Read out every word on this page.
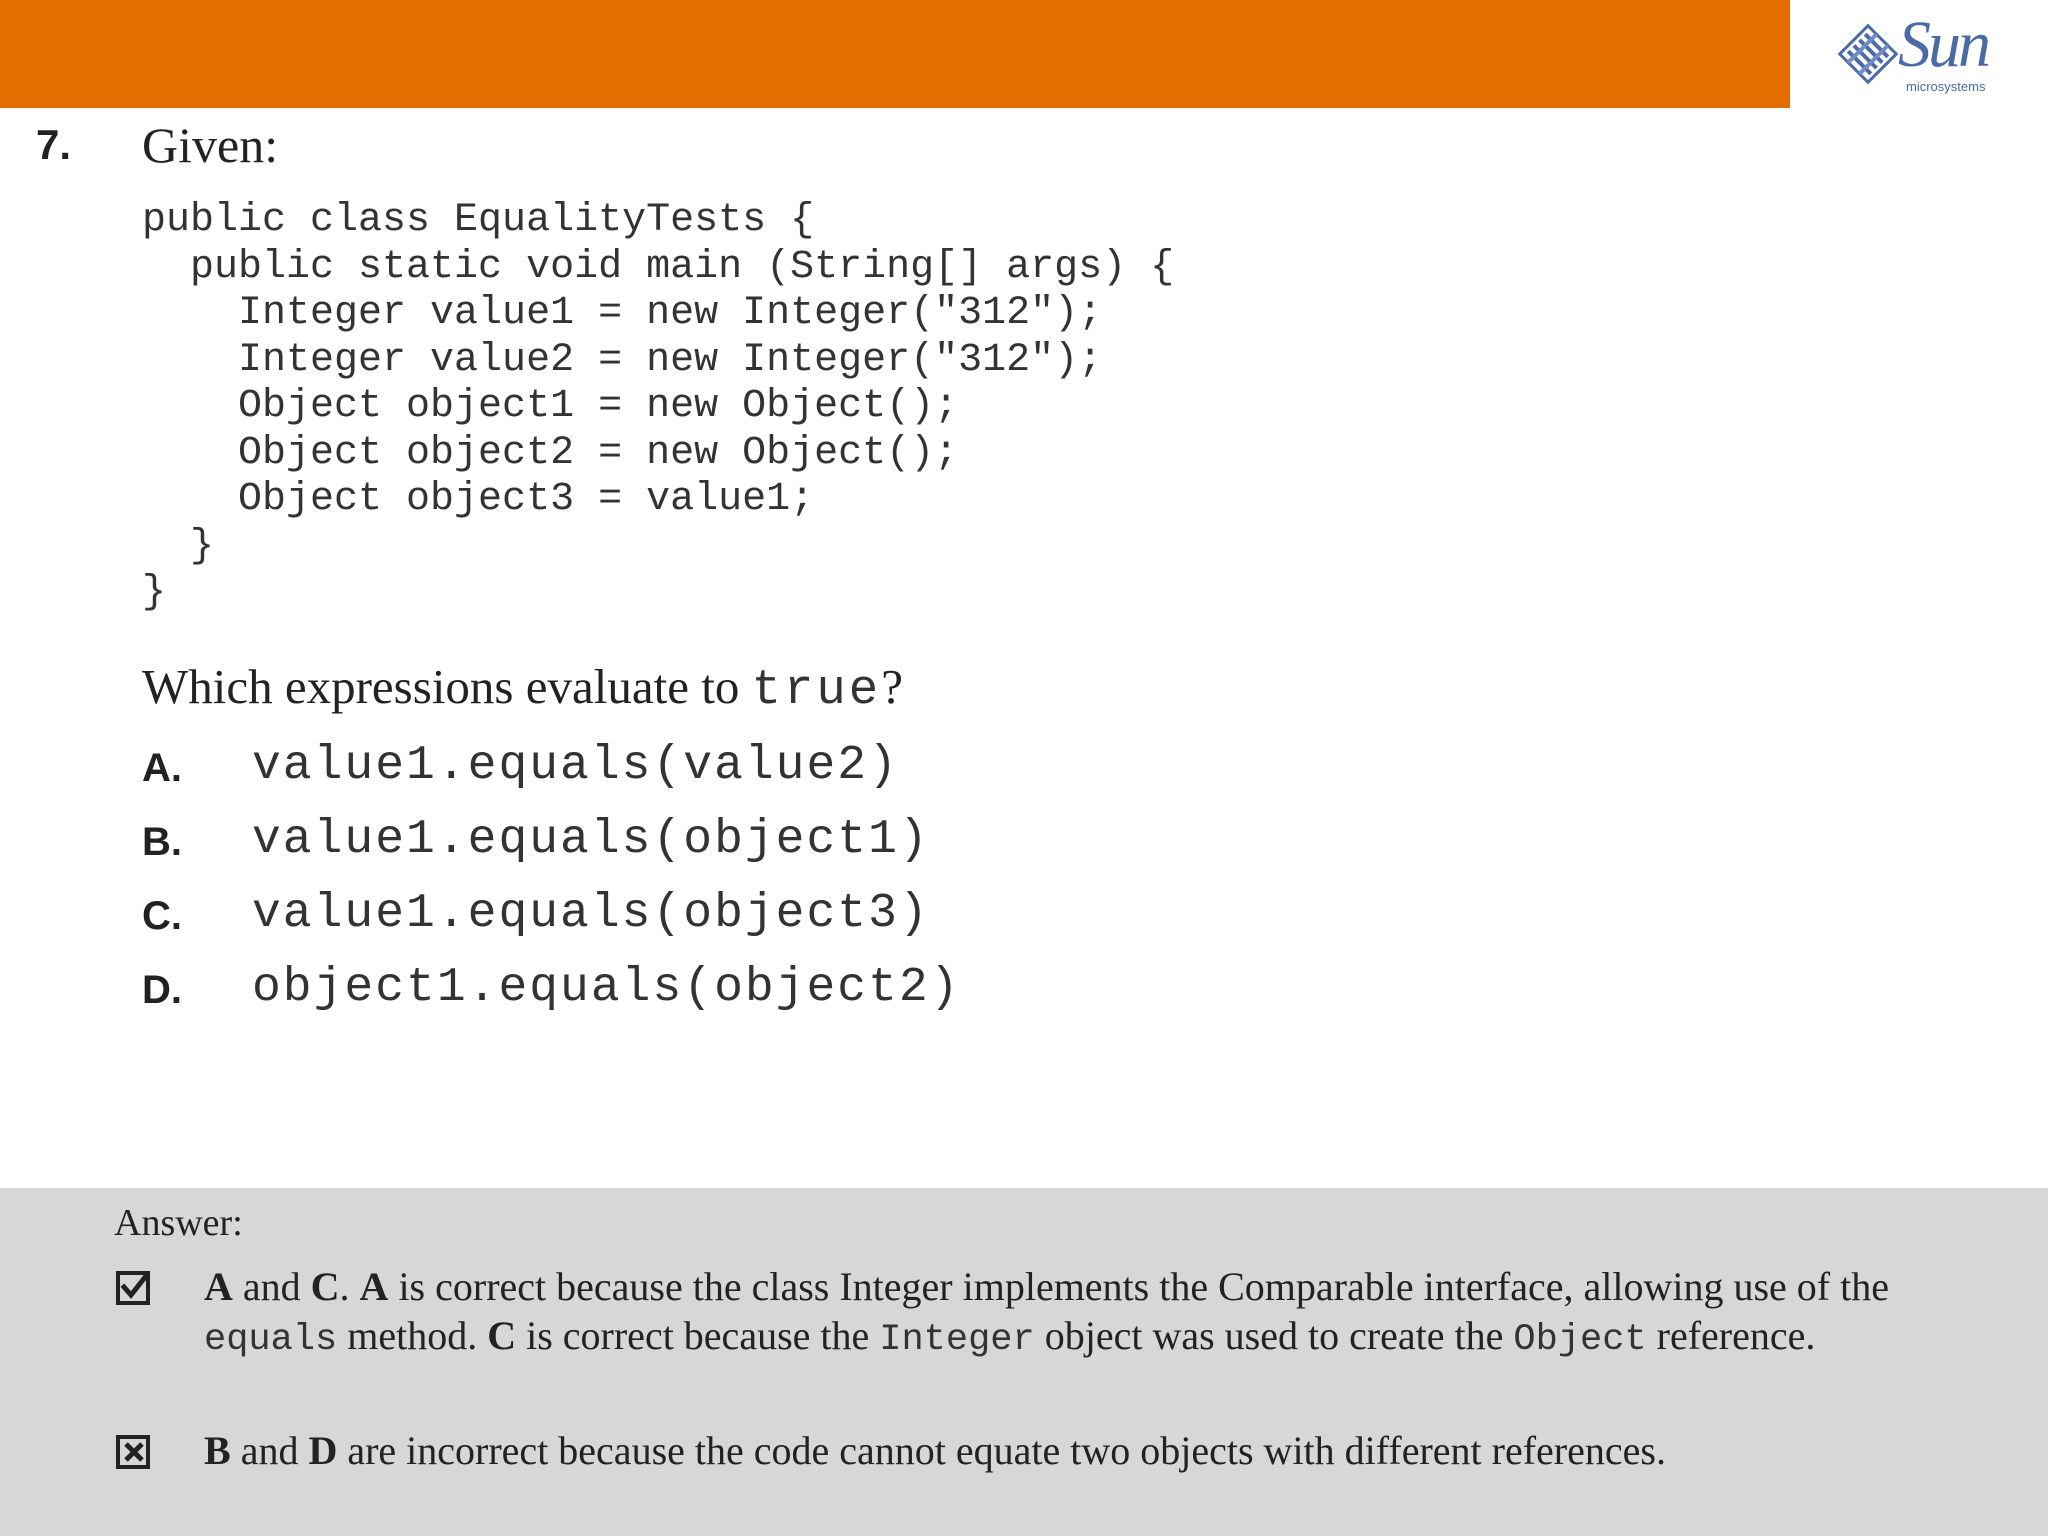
Sun
microsystems
7. Given:
public class EqualityTests {
public static void main (String[] args) {
Integer value1 = new Integer("312");
Integer value2 = new Integer("312");
Object object1 = new Object();
Object object2 = new Object();
Object object3 = value1;
}
}
Which expressions evaluate to true?
A. value1.equals(value2)
B. value1.equals(object1)
C. value1.equals(object3)
D. object1.equals(object2)
Answer:
A and C. A is correct because the class Integer implements the Comparable interface, allowing use of the equals method. C is correct because the Integer object was used to create the Object reference.
B and D are incorrect because the code cannot equate two objects with different references.
